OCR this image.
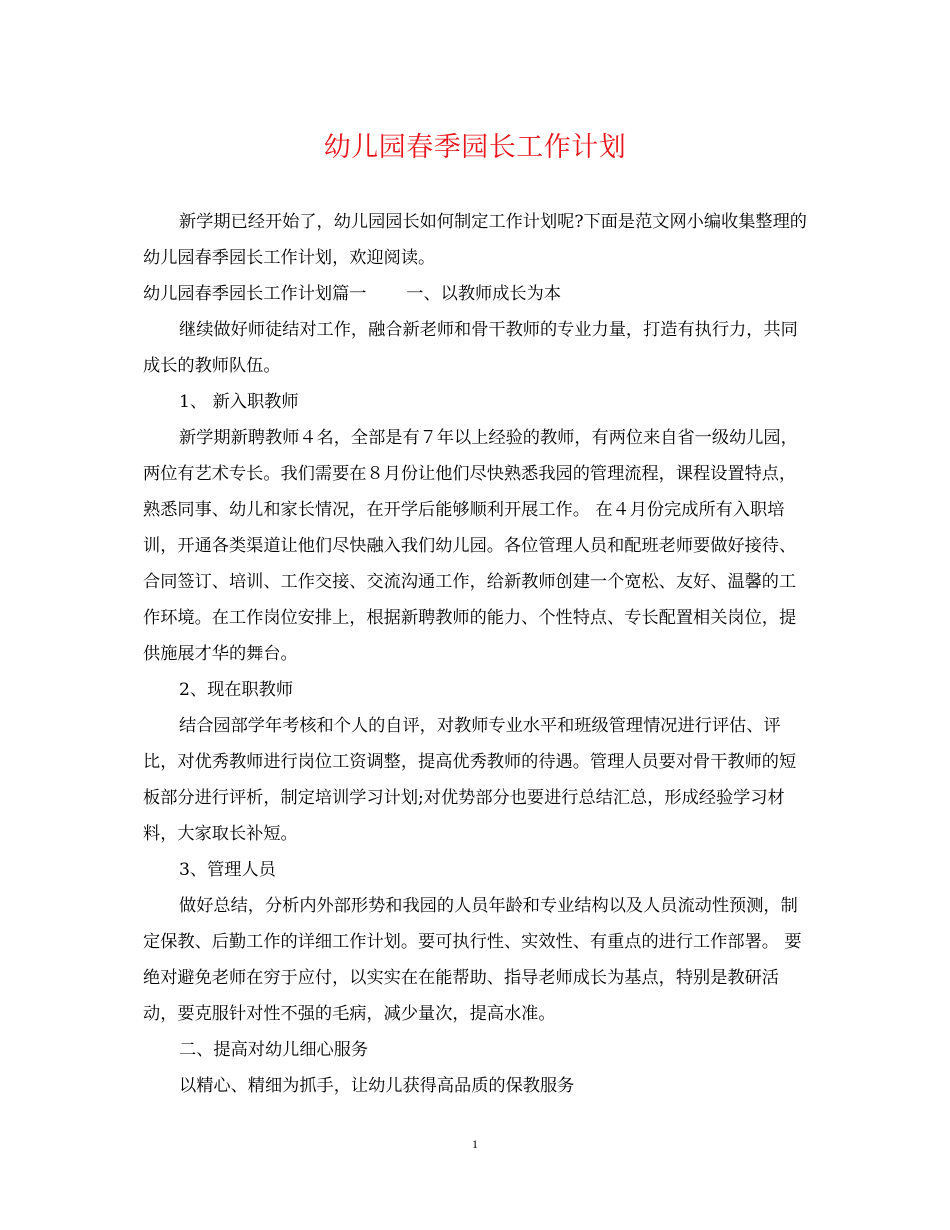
幼儿园春季园长工作计划

新学期已经开始了，幼儿园园长如何制定工作计划呢?下面是范文网小编收集整理的幼儿园春季园长工作计划，欢迎阅读。

幼儿园春季园长工作计划篇一　　 一、以教师成长为本

继续做好师徒结对工作，融合新老师和骨干教师的专业力量，打造有执行力，共同成长的教师队伍。

1、 新入职教师

新学期新聘教师４名，全部是有７年以上经验的教师，有两位来自省一级幼儿园，两位有艺术专长。我们需要在８月份让他们尽快熟悉我园的管理流程，课程设置特点，熟悉同事、幼儿和家长情况，在开学后能够顺利开展工作。 在４月份完成所有入职培训，开通各类渠道让他们尽快融入我们幼儿园。各位管理人员和配班老师要做好接待、合同签订、培训、工作交接、交流沟通工作，给新教师创建一个宽松、友好、温馨的工作环境。在工作岗位安排上，根据新聘教师的能力、个性特点、专长配置相关岗位，提供施展才华的舞台。

2、现在职教师

结合园部学年考核和个人的自评，对教师专业水平和班级管理情况进行评估、评比，对优秀教师进行岗位工资调整，提高优秀教师的待遇。管理人员要对骨干教师的短板部分进行评析，制定培训学习计划;对优势部分也要进行总结汇总，形成经验学习材料，大家取长补短。

3、管理人员

做好总结，分析内外部形势和我园的人员年龄和专业结构以及人员流动性预测，制定保教、后勤工作的详细工作计划。要可执行性、实效性、有重点的进行工作部署。 要绝对避免老师在穷于应付，以实实在在能帮助、指导老师成长为基点，特别是教研活动，要克服针对性不强的毛病，减少量次，提高水准。

二、提高对幼儿细心服务

以精心、精细为抓手，让幼儿获得高品质的保教服务

1
